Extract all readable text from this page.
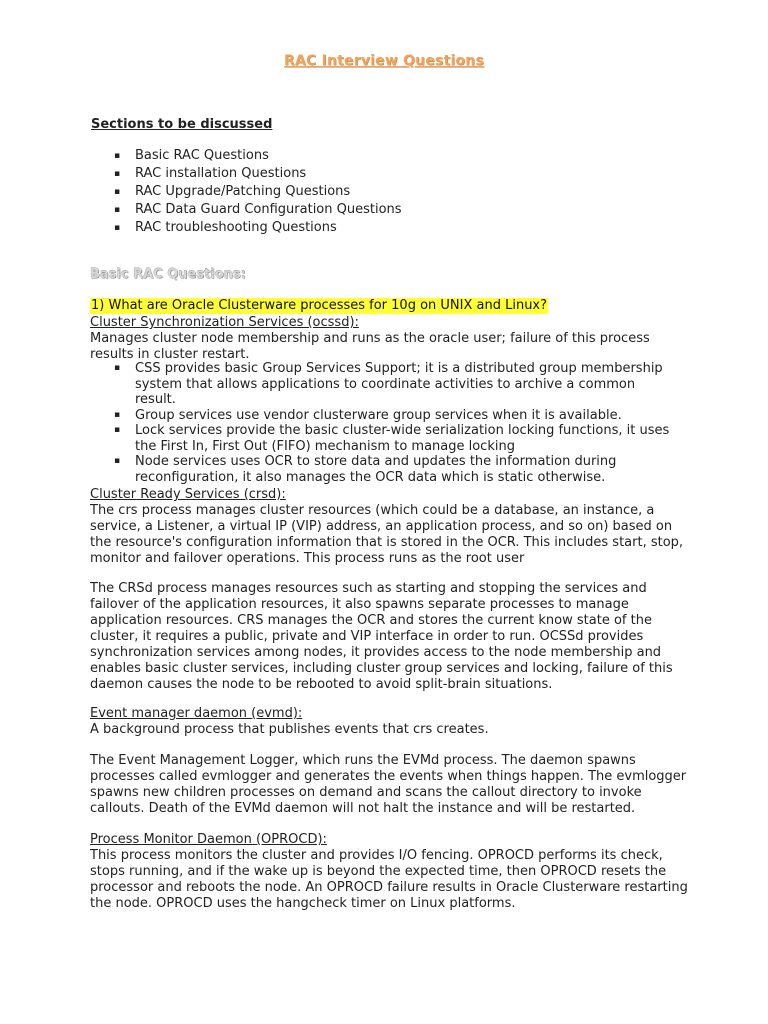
RAC Interview Questions
Sections to be discussed
▪ Basic RAC Questions
▪ RAC installation Questions
▪ RAC Upgrade/Patching Questions
▪ RAC Data Guard Configuration Questions
▪ RAC troubleshooting Questions
Basic RAC Questions:
1) What are Oracle Clusterware processes for 10g on UNIX and Linux?

Cluster Synchronization Services (ocssd):

Manages cluster node membership and runs as the oracle user; failure of this process results in cluster restart.

▪ CSS provides basic Group Services Support; it is a distributed group membership system that allows applications to coordinate activities to archive a common result.
▪ Group services use vendor clusterware group services when it is available.
▪ Lock services provide the basic cluster-wide serialization locking functions, it uses the First In, First Out (FIFO) mechanism to manage locking
▪ Node services uses OCR to store data and updates the information during reconfiguration, it also manages the OCR data which is static otherwise.

Cluster Ready Services (crsd):

The crs process manages cluster resources (which could be a database, an instance, a service, a Listener, a virtual IP (VIP) address, an application process, and so on) based on the resource's configuration information that is stored in the OCR. This includes start, stop, monitor and failover operations. This process runs as the root user

The CRSd process manages resources such as starting and stopping the services and failover of the application resources, it also spawns separate processes to manage application resources. CRS manages the OCR and stores the current know state of the cluster, it requires a public, private and VIP interface in order to run. OCSSd provides synchronization services among nodes, it provides access to the node membership and enables basic cluster services, including cluster group services and locking, failure of this daemon causes the node to be rebooted to avoid split-brain situations.

Event manager daemon (evmd):

A background process that publishes events that crs creates.

The Event Management Logger, which runs the EVMd process. The daemon spawns processes called evmlogger and generates the events when things happen. The evmlogger spawns new children processes on demand and scans the callout directory to invoke callouts. Death of the EVMd daemon will not halt the instance and will be restarted.

Process Monitor Daemon (OPROCD):

This process monitors the cluster and provides I/O fencing. OPROCD performs its check, stops running, and if the wake up is beyond the expected time, then OPROCD resets the processor and reboots the node. An OPROCD failure results in Oracle Clusterware restarting the node. OPROCD uses the hangcheck timer on Linux platforms.
